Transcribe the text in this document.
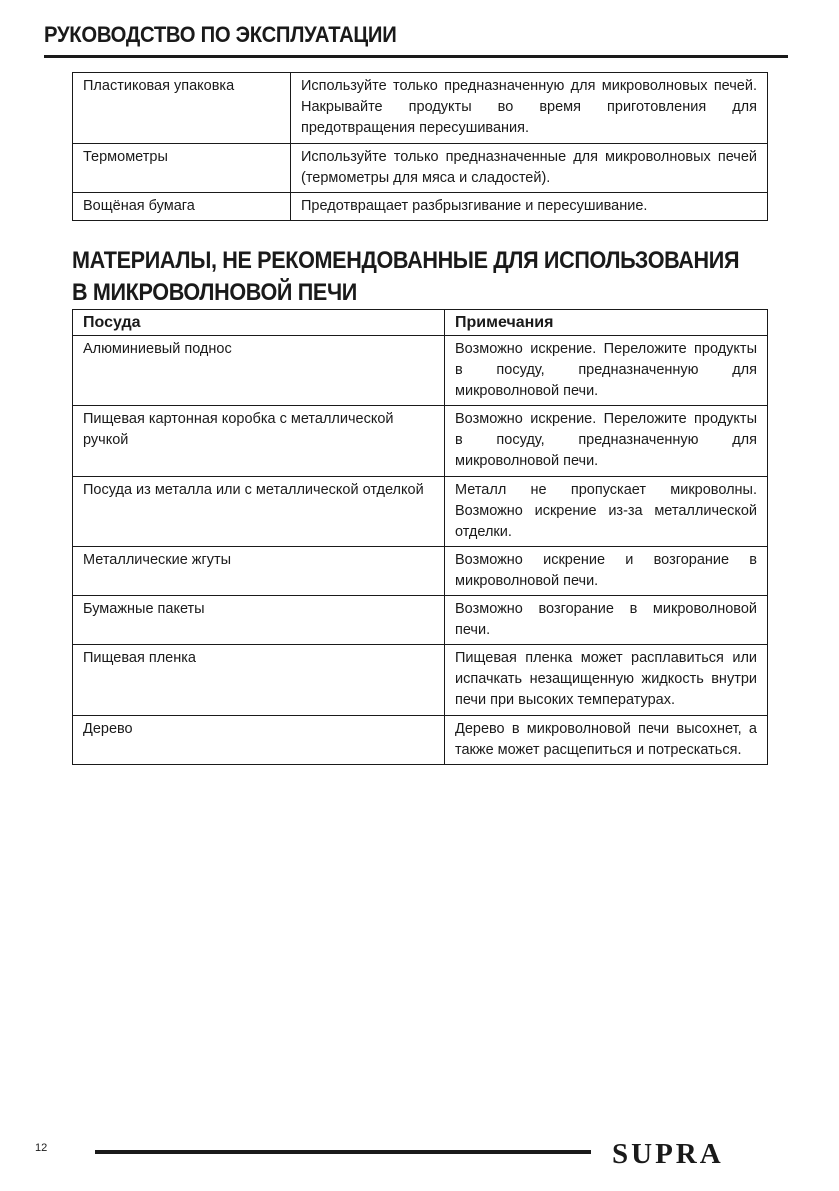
РУКОВОДСТВО ПО ЭКСПЛУАТАЦИИ
Пластиковая упаковка	Используйте только предназначенную для микроволновых печей. Накрывайте продукты во время приготовления для предотвращения пересушивания.
Термометры	Используйте только предназначенные для микроволновых печей (термометры для мяса и сладостей).
Вощёная бумага	Предотвращает разбрызгивание и пересушивание.
МАТЕРИАЛЫ, НЕ РЕКОМЕНДОВАННЫЕ ДЛЯ ИСПОЛЬЗОВАНИЯ
В МИКРОВОЛНОВОЙ ПЕЧИ
Посуда	Примечания
Алюминиевый поднос	Возможно искрение. Переложите продукты в посуду, предназначенную для микроволновой печи.
Пищевая картонная коробка с металлической ручкой	Возможно искрение. Переложите продукты в посуду, предназначенную для микроволновой печи.
Посуда из металла или с металлической отделкой	Металл не пропускает микроволны. Возможно искрение из-за металлической отделки.
Металлические жгуты	Возможно искрение и возгорание в микроволновой печи.
Бумажные пакеты	Возможно возгорание в микроволновой печи.
Пищевая пленка	Пищевая пленка может расплавиться или испачкать незащищенную жидкость внутри печи при высоких температурах.
Дерево	Дерево в микроволновой печи высохнет, а также может расщепиться и потрескаться.
12	SUPRA
